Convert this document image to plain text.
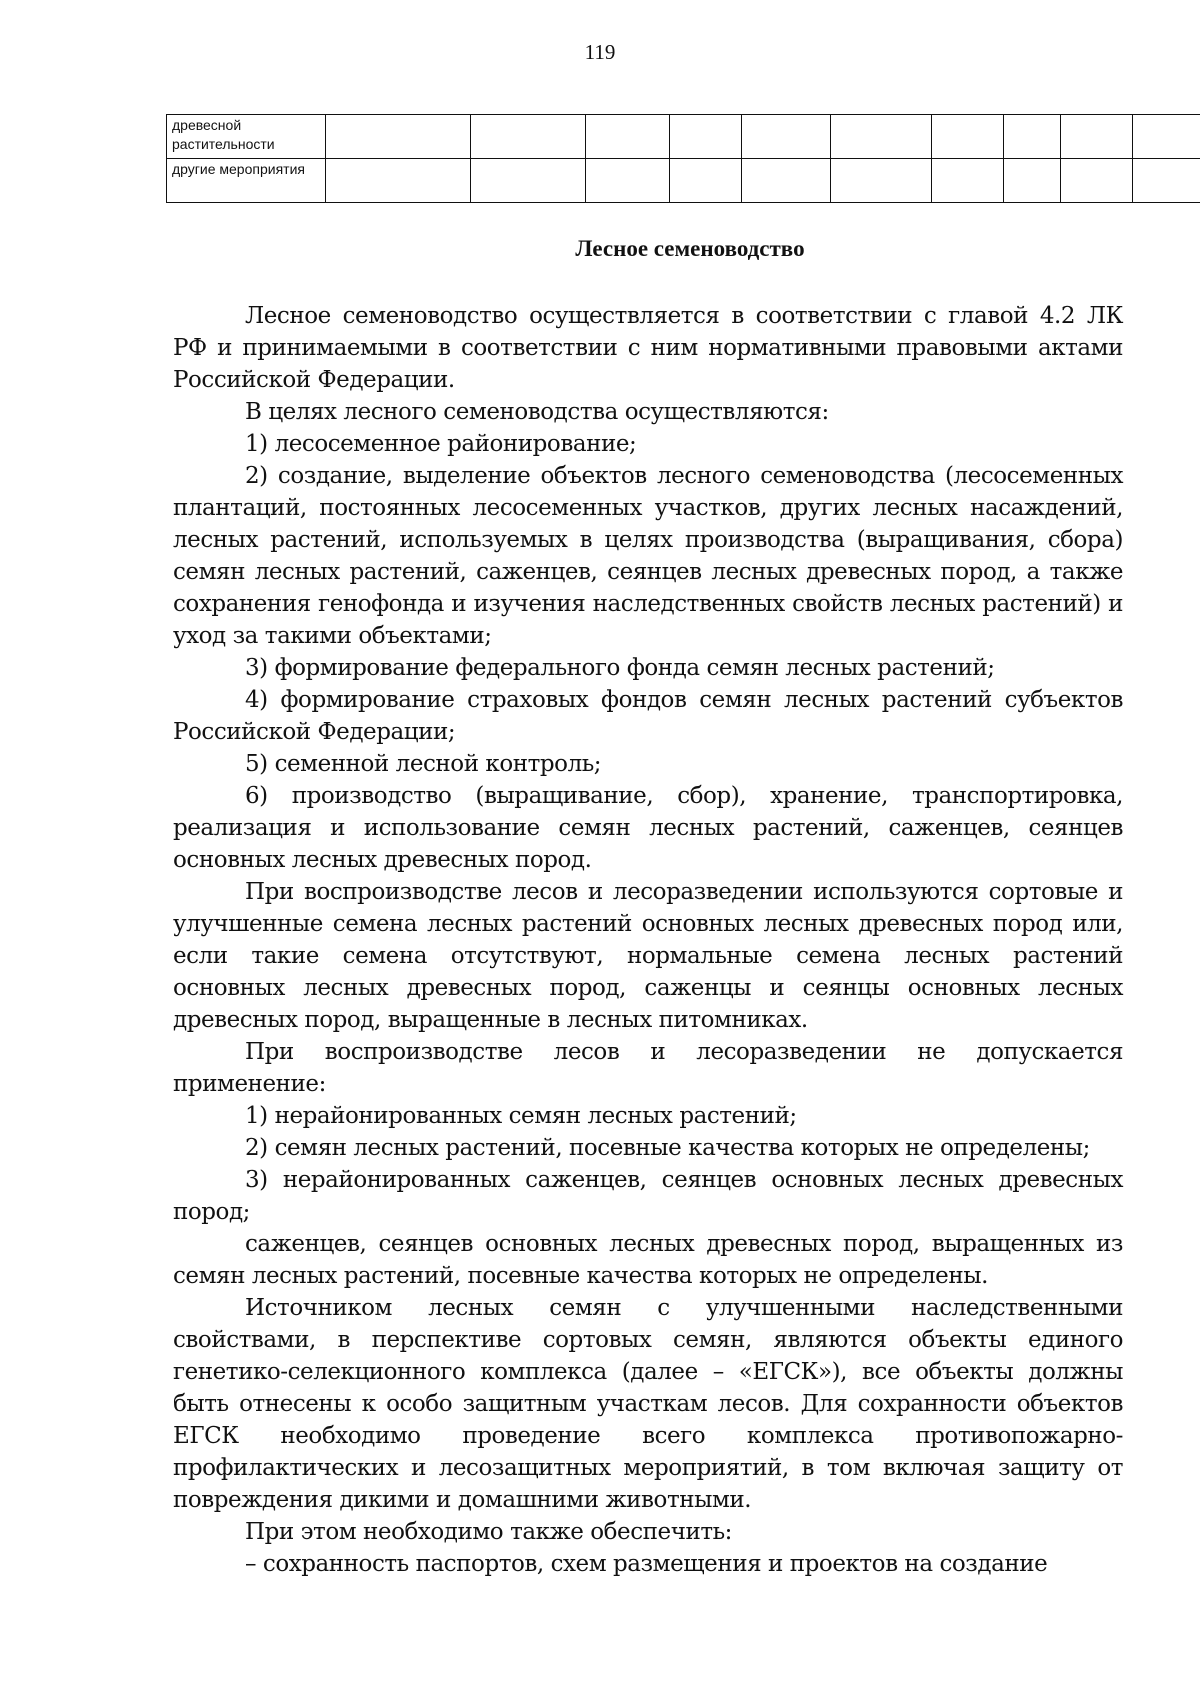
119
древесной растительности										
другие мероприятия										
Лесное семеноводство

Лесное семеноводство осуществляется в соответствии с главой 4.2 ЛК РФ и принимаемыми в соответствии с ним нормативными правовыми актами Российской Федерации.

В целях лесного семеноводства осуществляются:

1) лесосеменное районирование;

2) создание, выделение объектов лесного семеноводства (лесосеменных плантаций, постоянных лесосеменных участков, других лесных насаждений, лесных растений, используемых в целях производства (выращивания, сбора) семян лесных растений, саженцев, сеянцев лесных древесных пород, а также сохранения генофонда и изучения наследственных свойств лесных растений) и уход за такими объектами;

3) формирование федерального фонда семян лесных растений;

4) формирование страховых фондов семян лесных растений субъектов Российской Федерации;

5) семенной лесной контроль;

6) производство (выращивание, сбор), хранение, транспортировка, реализация и использование семян лесных растений, саженцев, сеянцев основных лесных древесных пород.

При воспроизводстве лесов и лесоразведении используются сортовые и улучшенные семена лесных растений основных лесных древесных пород или, если такие семена отсутствуют, нормальные семена лесных растений основных лесных древесных пород, саженцы и сеянцы основных лесных древесных пород, выращенные в лесных питомниках.

При воспроизводстве лесов и лесоразведении не допускается применение:

1) нерайонированных семян лесных растений;

2) семян лесных растений, посевные качества которых не определены;

3) нерайонированных саженцев, сеянцев основных лесных древесных пород;

саженцев, сеянцев основных лесных древесных пород, выращенных из семян лесных растений, посевные качества которых не определены.

Источником лесных семян с улучшенными наследственными свойствами, в перспективе сортовых семян, являются объекты единого генетико-селекционного комплекса (далее – «ЕГСК»), все объекты должны быть отнесены к особо защитным участкам лесов. Для сохранности объектов ЕГСК необходимо проведение всего комплекса противопожарно-профилактических и лесозащитных мероприятий, в том включая защиту от повреждения дикими и домашними животными.

При этом необходимо также обеспечить:

– сохранность паспортов, схем размещения и проектов на создание
